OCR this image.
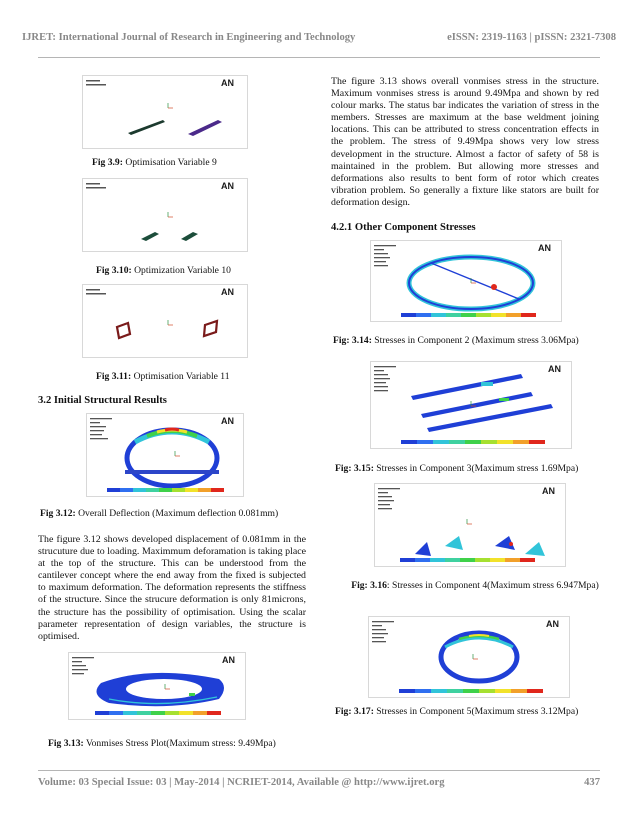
IJRET: International Journal of Research in Engineering and Technology	eISSN: 2319-1163 | pISSN: 2321-7308
AN
Fig 3.9: Optimisation Variable 9
AN
Fig 3.10: Optimization Variable 10
AN
Fig 3.11: Optimisation Variable 11
3.2 Initial Structural Results
AN
Fig 3.12: Overall Deflection (Maximum deflection 0.081mm)

The figure 3.12 shows developed displacement of 0.081mm in the strucuture due to loading. Maximmum deforamation is taking place at the top of the structure. This can be understood from the cantilever concept where the end away from the fixed is subjected to maximum deformation. The deformation represents the stiffness of the structure. Since the strucure deformation is only 81microns, the structure has the possibility of optimisation. Using the scalar parameter representation of design variables, the structure is optimised.

AN
Fig 3.13: Vonmises Stress Plot(Maximum stress: 9.49Mpa)

The figure 3.13 shows overall vonmises stress in the structure. Maximum vonmises stress is around 9.49Mpa and shown by red colour marks. The status bar indicates the variation of stress in the members. Stresses are maximum at the base weldment joining locations. This can be attributed to stress concentration effects in the problem. The stress of 9.49Mpa shows very low stress development in the structure. Almost a factor of safety of 58 is maintained in the problem. But allowing more stresses and deformations also results to bent form of rotor which creates vibration problem. So generally a fixture like stators are built for deformation design.

4.2.1 Other Component Stresses
AN
Fig: 3.14: Stresses in Component 2 (Maximum stress 3.06Mpa)
AN
Fig: 3.15: Stresses in Component 3(Maximum stress 1.69Mpa)
AN
Fig: 3.16: Stresses in Component 4(Maximum stress 6.947Mpa)
AN
Fig: 3.17: Stresses in Component 5(Maximum stress 3.12Mpa)
Volume: 03 Special Issue: 03 | May-2014 | NCRIET-2014, Available @ http://www.ijret.org	437
